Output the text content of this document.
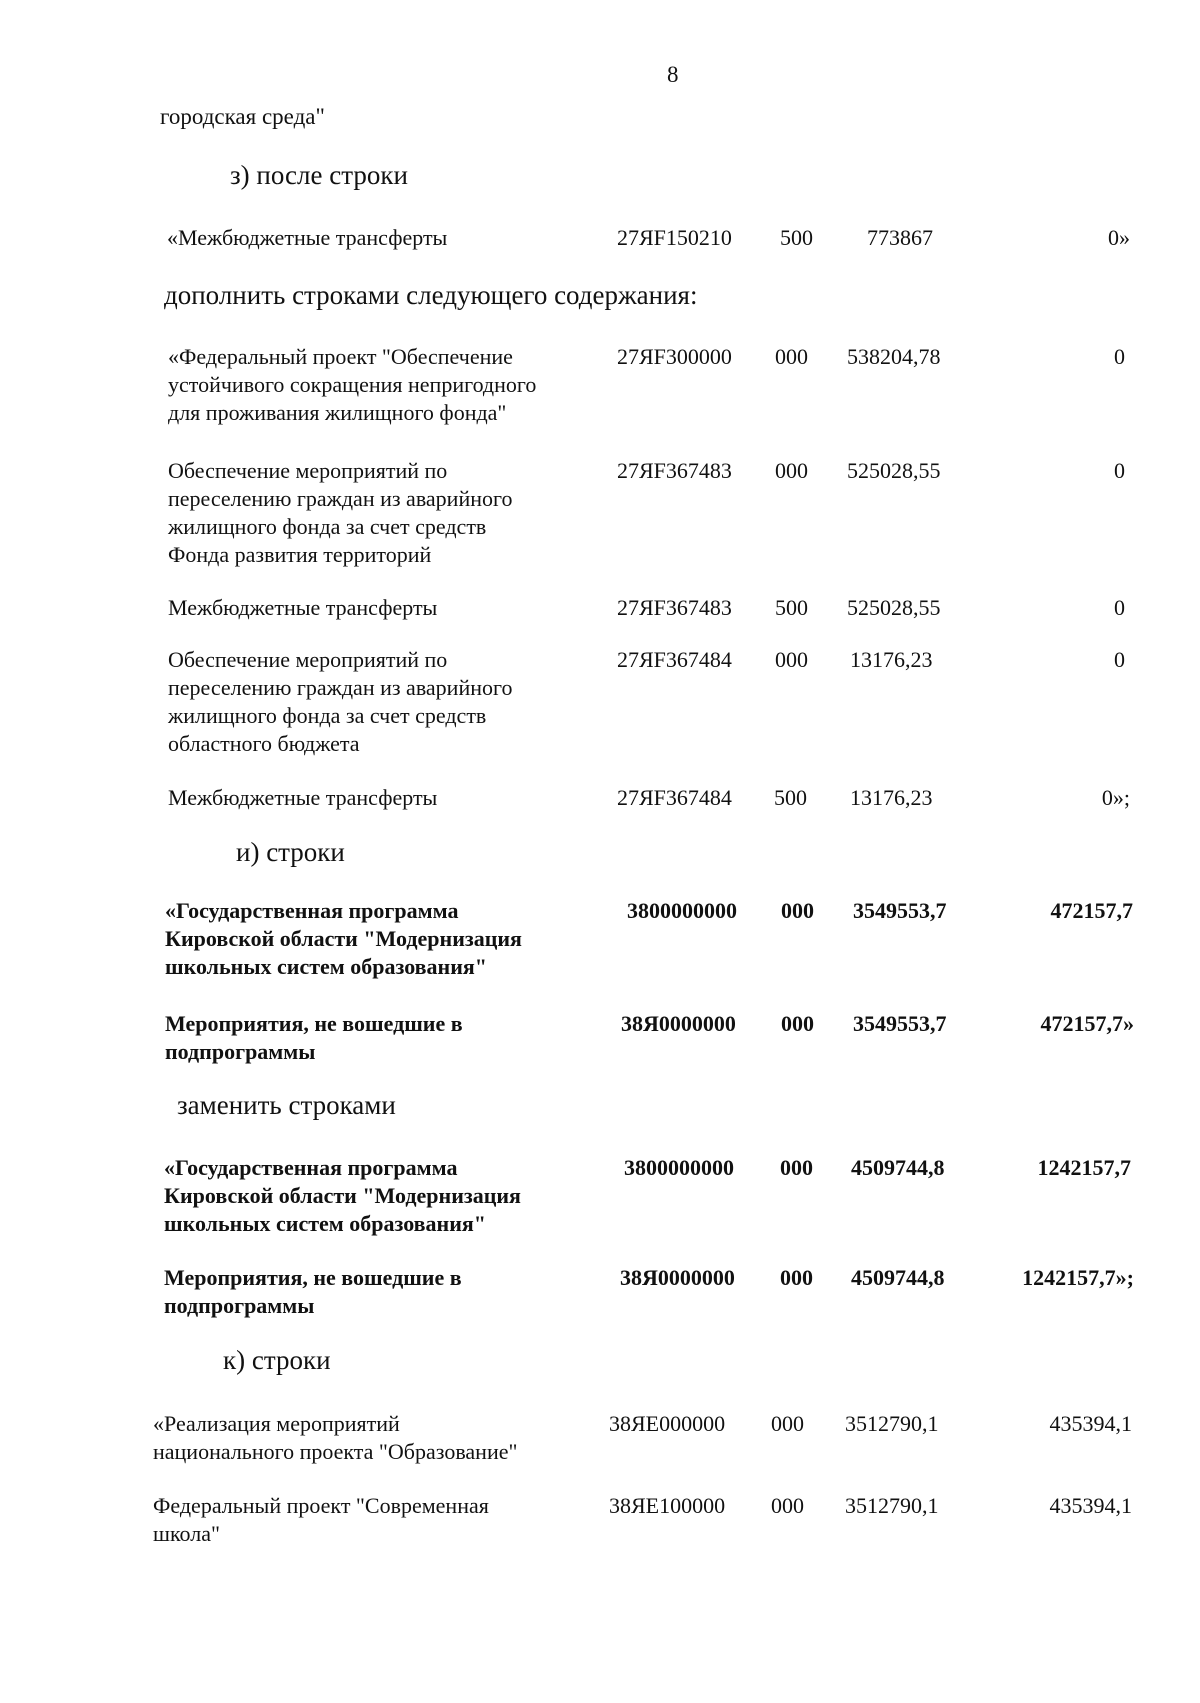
8
городская среда"
з) после строки
«Межбюджетные трансферты	27ЯF150210 500 773867	0»
дополнить строками следующего содержания:
«Федеральный проект "Обеспечение
устойчивого сокращения непригодного
для проживания жилищного фонда"
27ЯF300000 000 538204,78	0
Обеспечение мероприятий по
переселению граждан из аварийного
жилищного фонда за счет средств
Фонда развития территорий
27ЯF367483 000 525028,55	0
Межбюджетные трансферты	27ЯF367483 500 525028,55	0
Обеспечение мероприятий по
переселению граждан из аварийного
жилищного фонда за счет средств
областного бюджета
27ЯF367484 000 13176,23	0
Межбюджетные трансферты	27ЯF367484 500 13176,23	0»;
и) строки
«Государственная программа
Кировской области "Модернизация
школьных систем образования"
3800000000 000 3549553,7	472157,7
Мероприятия, не вошедшие в
подпрограммы
38Я0000000 000 3549553,7	472157,7»
заменить строками
«Государственная программа
Кировской области "Модернизация
школьных систем образования"
3800000000 000 4509744,8	1242157,7
Мероприятия, не вошедшие в
подпрограммы
38Я0000000 000 4509744,8	1242157,7»;
к) строки
«Реализация мероприятий
национального проекта "Образование"
38ЯЕ000000 000 3512790,1	435394,1
Федеральный проект "Современная
школа"
38ЯЕ100000 000 3512790,1	435394,1
